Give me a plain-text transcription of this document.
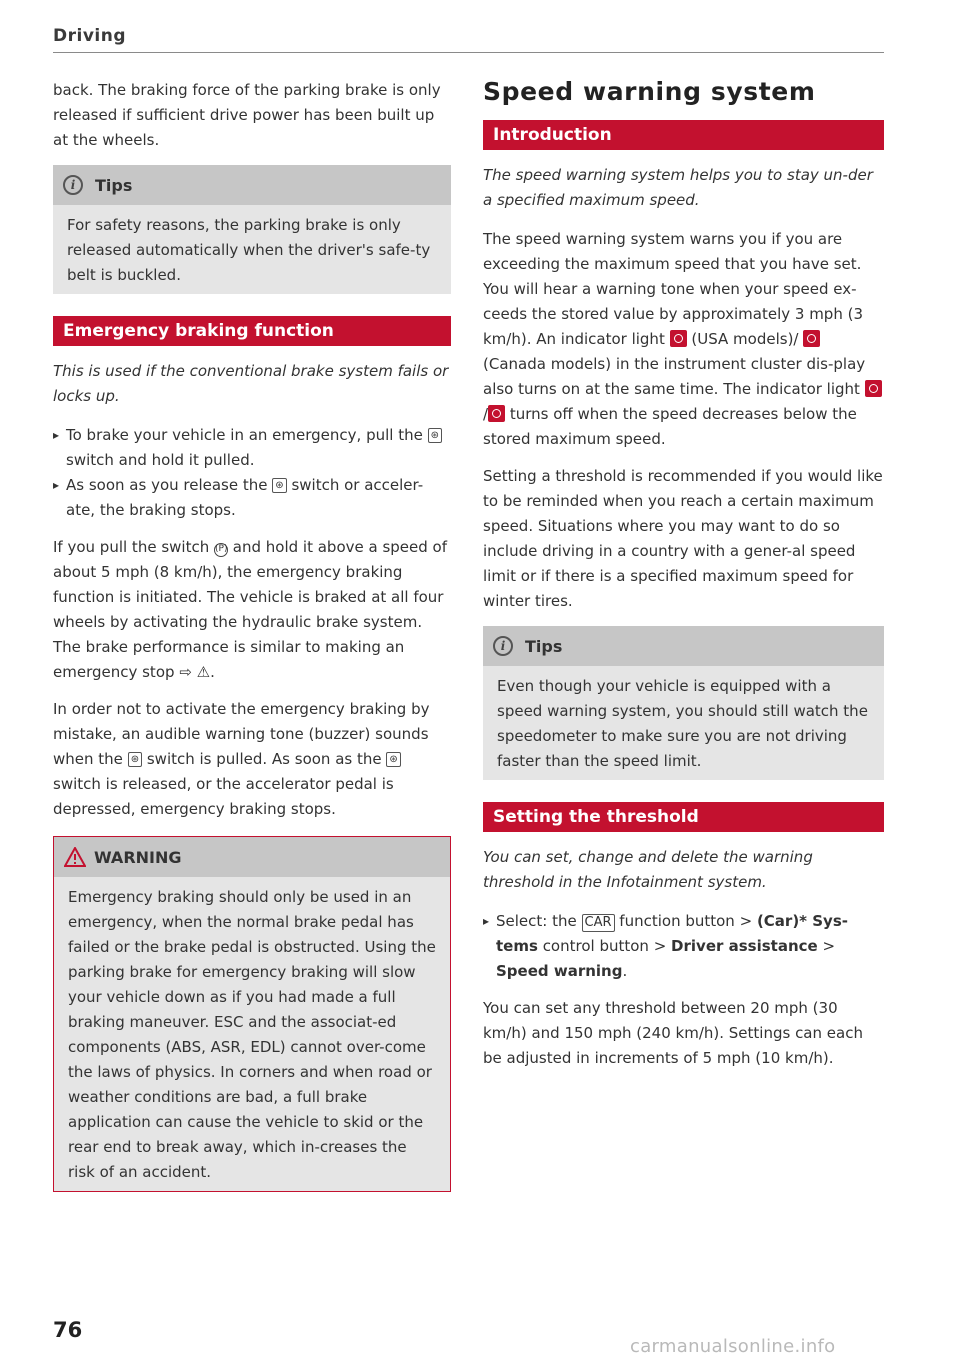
Driving

back. The braking force of the parking brake is only released if sufficient drive power has been built up at the wheels.

i	Tips
For safety reasons, the parking brake is only released automatically when the driver's safe-ty belt is buckled.
Emergency braking function

This is used if the conventional brake system fails or locks up.

▸ To brake your vehicle in an emergency, pull the ⊛ switch and hold it pulled.
▸ As soon as you release the ⊛ switch or acceler-ate, the braking stops.

If you pull the switch (P) and hold it above a speed of about 5 mph (8 km/h), the emergency braking function is initiated. The vehicle is braked at all four wheels by activating the hydraulic brake system. The brake performance is similar to making an emergency stop ⇨ ⚠.

In order not to activate the emergency braking by mistake, an audible warning tone (buzzer) sounds when the ⊛ switch is pulled. As soon as the ⊛ switch is released, or the accelerator pedal is depressed, emergency braking stops.

WARNING
Emergency braking should only be used in an emergency, when the normal brake pedal has failed or the brake pedal is obstructed. Using the parking brake for emergency braking will slow your vehicle down as if you had made a full braking maneuver. ESC and the associat-ed components (ABS, ASR, EDL) cannot over-come the laws of physics. In corners and when road or weather conditions are bad, a full brake application can cause the vehicle to skid or the rear end to break away, which in-creases the risk of an accident.
Speed warning system
Introduction

The speed warning system helps you to stay un-der a specified maximum speed.

The speed warning system warns you if you are exceeding the maximum speed that you have set. You will hear a warning tone when your speed ex-ceeds the stored value by approximately 3 mph (3 km/h). An indicator light (USA models)/  (Canada models) in the instrument cluster dis-play also turns on at the same time. The indicator light / turns off when the speed decreases below the stored maximum speed.

Setting a threshold is recommended if you would like to be reminded when you reach a certain maximum speed. Situations where you may want to do so include driving in a country with a gener-al speed limit or if there is a specified maximum speed for winter tires.

i	Tips
Even though your vehicle is equipped with a speed warning system, you should still watch the speedometer to make sure you are not driving faster than the speed limit.
Setting the threshold

You can set, change and delete the warning threshold in the Infotainment system.

▸ Select: the CAR function button > (Car)* Sys-tems control button > Driver assistance > Speed warning.

You can set any threshold between 20 mph (30 km/h) and 150 mph (240 km/h). Settings can each be adjusted in increments of 5 mph (10 km/h).

76
carmanualsonline.info
